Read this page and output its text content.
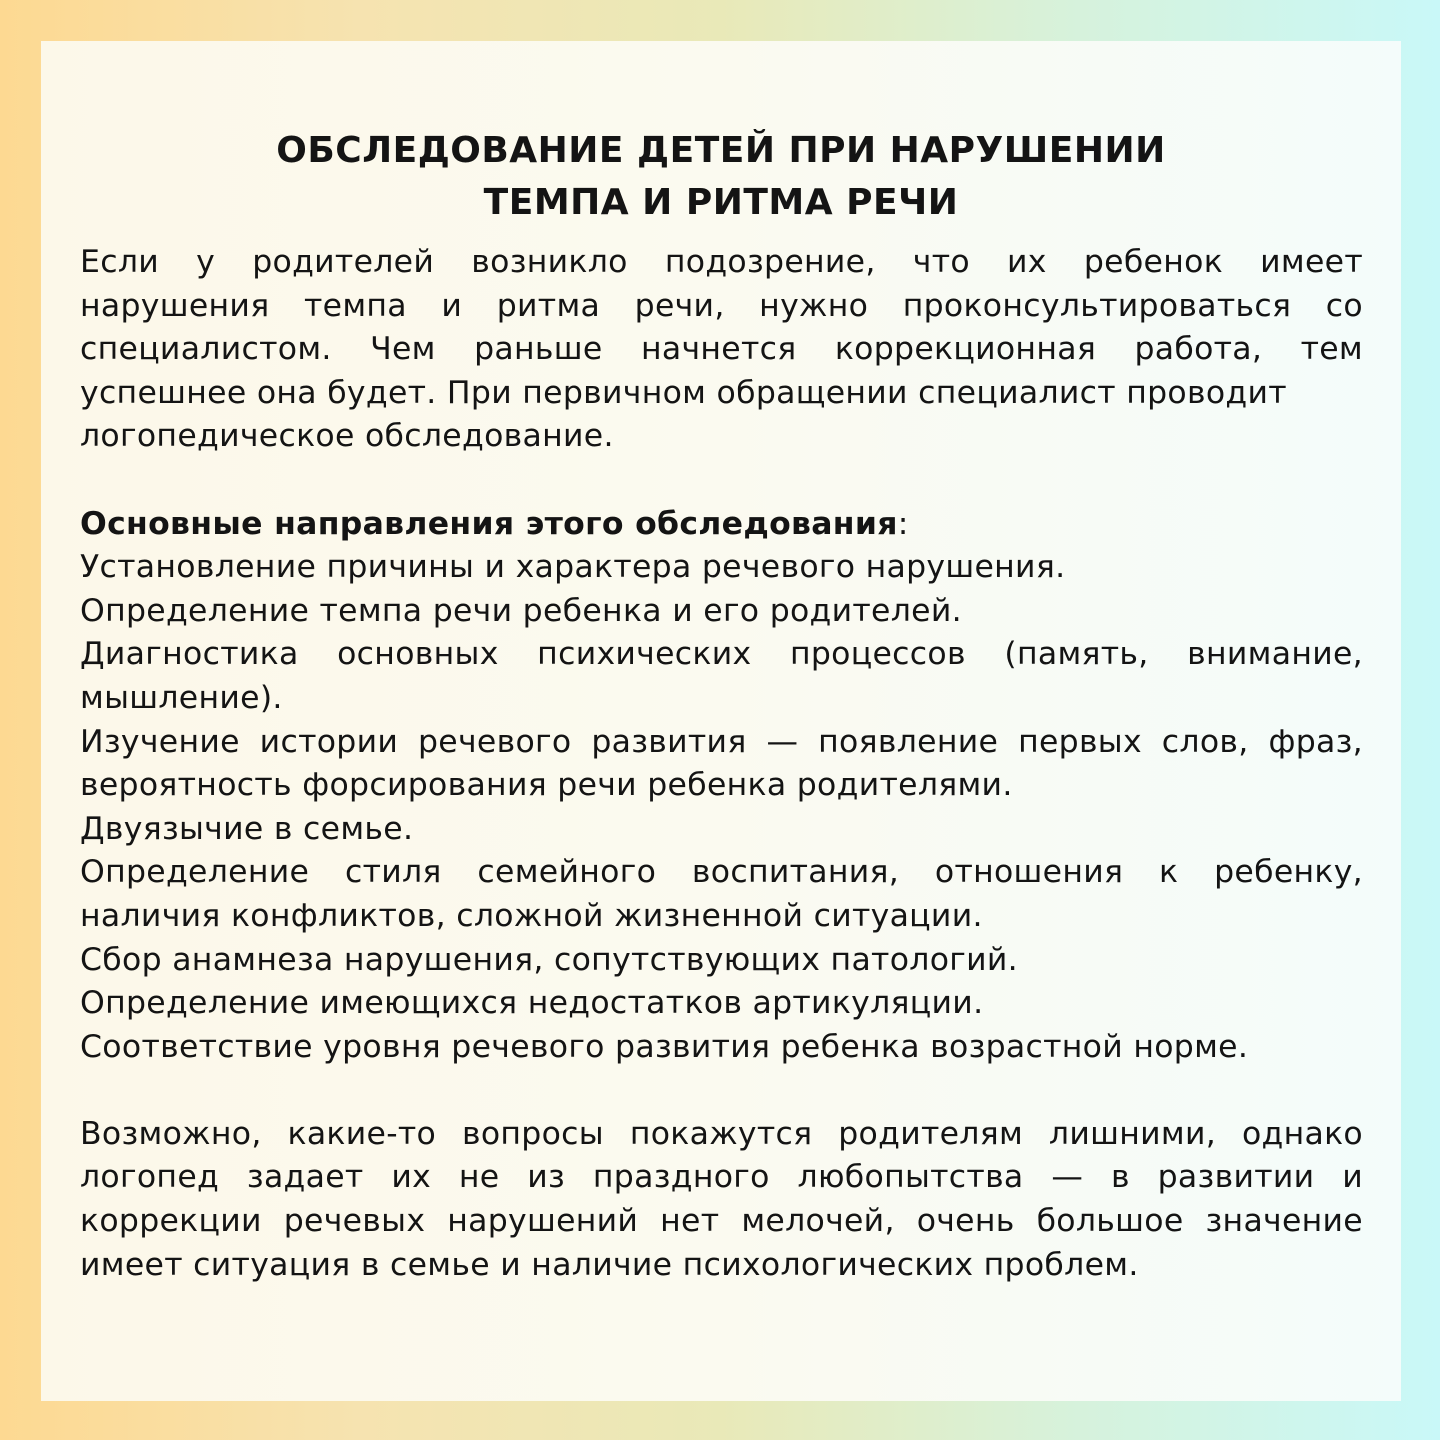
ОБСЛЕДОВАНИЕ ДЕТЕЙ ПРИ НАРУШЕНИИ
ТЕМПА И РИТМА РЕЧИ

Если у родителей возникло подозрение, что их ребенок имеет
нарушения темпа и ритма речи, нужно проконсультироваться со
специалистом. Чем раньше начнется коррекционная работа, тем
успешнее она будет. При первичном обращении специалист проводит
логопедическое обследование.

Основные направления этого обследования:

Установление причины и характера речевого нарушения.
Определение темпа речи ребенка и его родителей.
Диагностика основных психических процессов (память, внимание,
мышление).
Изучение истории речевого развития — появление первых слов, фраз,
вероятность форсирования речи ребенка родителями.
Двуязычие в семье.
Определение стиля семейного воспитания, отношения к ребенку,
наличия конфликтов, сложной жизненной ситуации.
Сбор анамнеза нарушения, сопутствующих патологий.
Определение имеющихся недостатков артикуляции.
Соответствие уровня речевого развития ребенка возрастной норме.

Возможно, какие-то вопросы покажутся родителям лишними, однако
логопед задает их не из праздного любопытства — в развитии и
коррекции речевых нарушений нет мелочей, очень большое значение
имеет ситуация в семье и наличие психологических проблем.
